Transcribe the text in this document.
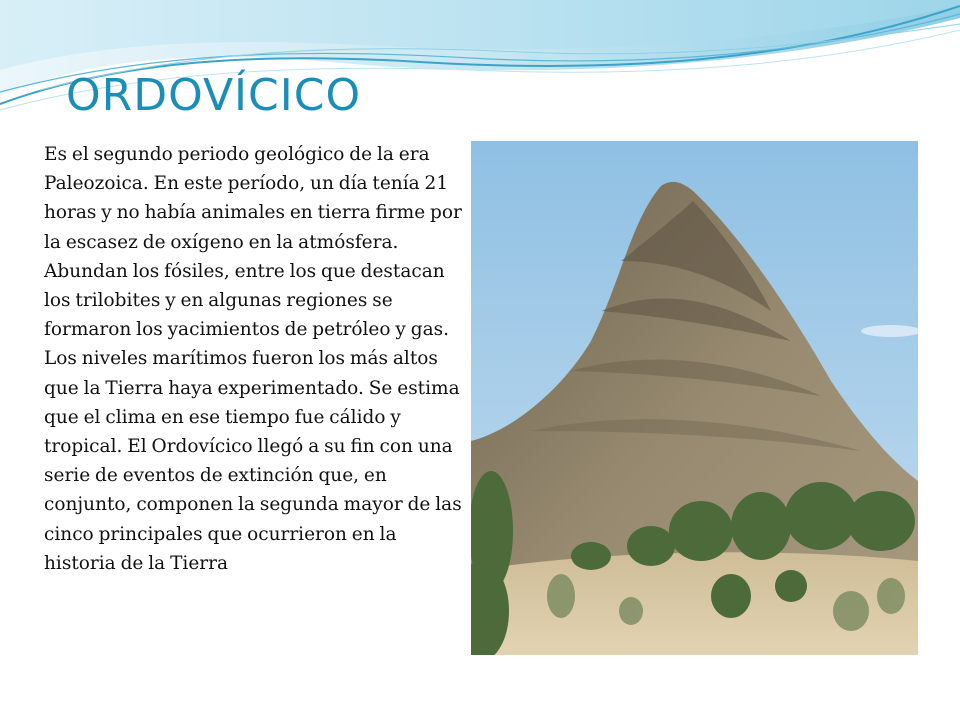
ORDOVÍCICO

Es el segundo periodo geológico de la era Paleozoica. En este período, un día tenía 21 horas y no había animales en tierra firme por la escasez de oxígeno en la atmósfera. Abundan los fósiles, entre los que destacan los trilobites y en algunas regiones se formaron los yacimientos de petróleo y gas. Los niveles marítimos fueron los más altos que la Tierra haya experimentado. Se estima que el clima en ese tiempo fue cálido y tropical. El Ordovícico llegó a su fin con una serie de eventos de extinción que, en conjunto, componen la segunda mayor de las cinco principales que ocurrieron en la historia de la Tierra
